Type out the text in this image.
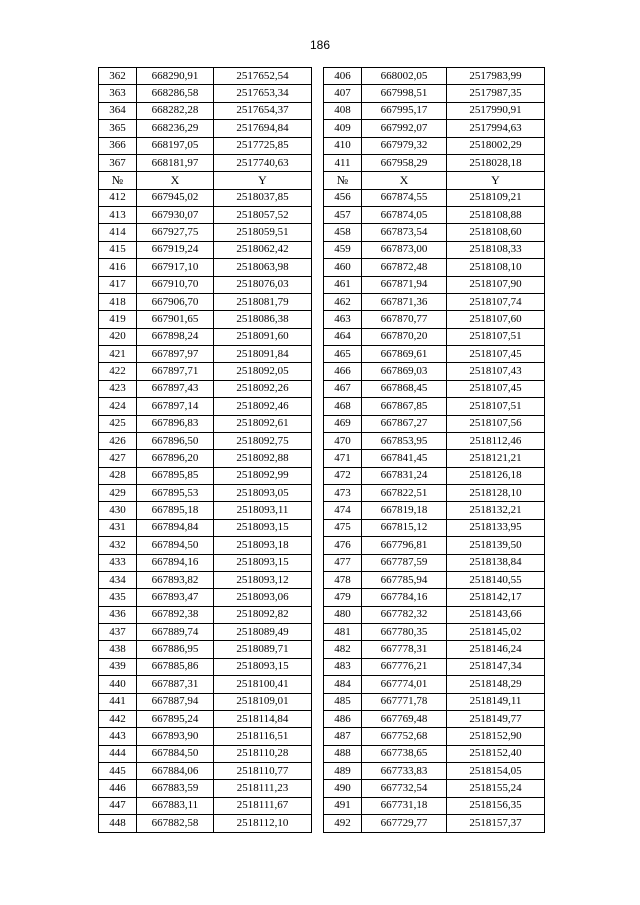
186
362	668290,91	2517652,54		406	668002,05	2517983,99
363	668286,58	2517653,34		407	667998,51	2517987,35
364	668282,28	2517654,37		408	667995,17	2517990,91
365	668236,29	2517694,84		409	667992,07	2517994,63
366	668197,05	2517725,85		410	667979,32	2518002,29
367	668181,97	2517740,63		411	667958,29	2518028,18
№	X	Y		№	X	Y
412	667945,02	2518037,85		456	667874,55	2518109,21
413	667930,07	2518057,52		457	667874,05	2518108,88
414	667927,75	2518059,51		458	667873,54	2518108,60
415	667919,24	2518062,42		459	667873,00	2518108,33
416	667917,10	2518063,98		460	667872,48	2518108,10
417	667910,70	2518076,03		461	667871,94	2518107,90
418	667906,70	2518081,79		462	667871,36	2518107,74
419	667901,65	2518086,38		463	667870,77	2518107,60
420	667898,24	2518091,60		464	667870,20	2518107,51
421	667897,97	2518091,84		465	667869,61	2518107,45
422	667897,71	2518092,05		466	667869,03	2518107,43
423	667897,43	2518092,26		467	667868,45	2518107,45
424	667897,14	2518092,46		468	667867,85	2518107,51
425	667896,83	2518092,61		469	667867,27	2518107,56
426	667896,50	2518092,75		470	667853,95	2518112,46
427	667896,20	2518092,88		471	667841,45	2518121,21
428	667895,85	2518092,99		472	667831,24	2518126,18
429	667895,53	2518093,05		473	667822,51	2518128,10
430	667895,18	2518093,11		474	667819,18	2518132,21
431	667894,84	2518093,15		475	667815,12	2518133,95
432	667894,50	2518093,18		476	667796,81	2518139,50
433	667894,16	2518093,15		477	667787,59	2518138,84
434	667893,82	2518093,12		478	667785,94	2518140,55
435	667893,47	2518093,06		479	667784,16	2518142,17
436	667892,38	2518092,82		480	667782,32	2518143,66
437	667889,74	2518089,49		481	667780,35	2518145,02
438	667886,95	2518089,71		482	667778,31	2518146,24
439	667885,86	2518093,15		483	667776,21	2518147,34
440	667887,31	2518100,41		484	667774,01	2518148,29
441	667887,94	2518109,01		485	667771,78	2518149,11
442	667895,24	2518114,84		486	667769,48	2518149,77
443	667893,90	2518116,51		487	667752,68	2518152,90
444	667884,50	2518110,28		488	667738,65	2518152,40
445	667884,06	2518110,77		489	667733,83	2518154,05
446	667883,59	2518111,23		490	667732,54	2518155,24
447	667883,11	2518111,67		491	667731,18	2518156,35
448	667882,58	2518112,10		492	667729,77	2518157,37
